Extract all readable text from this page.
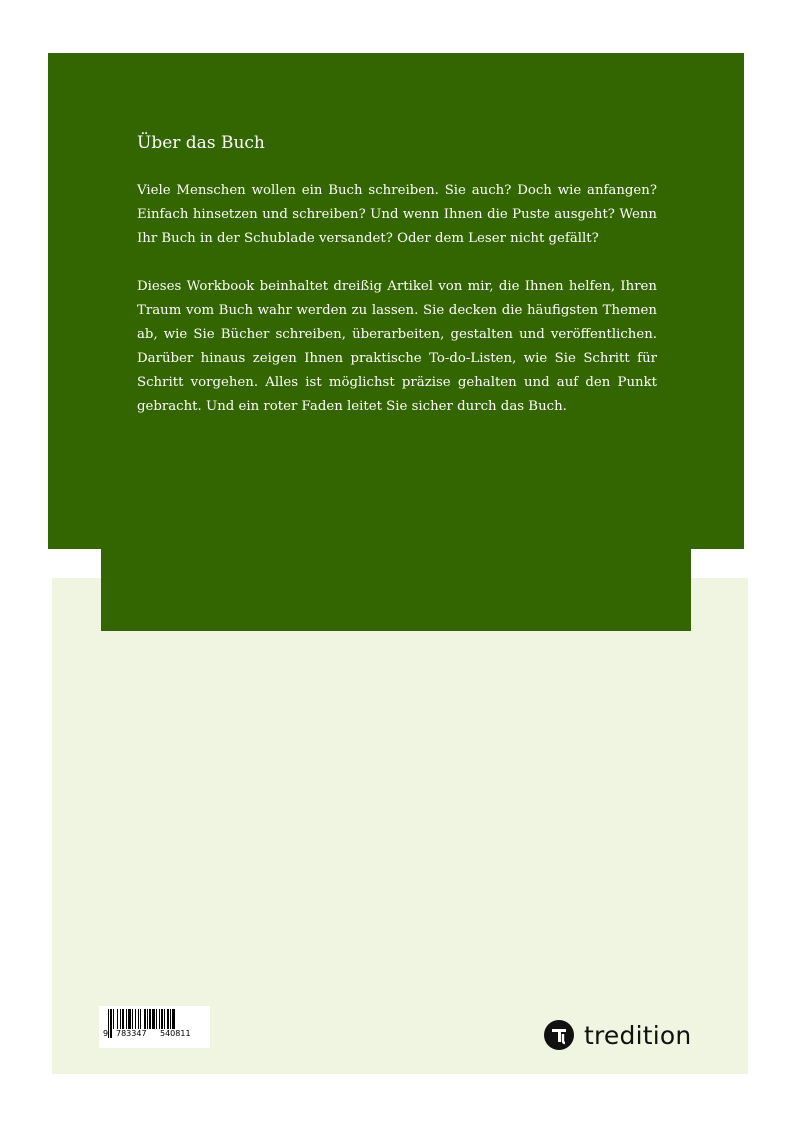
Über das Buch

Viele Menschen wollen ein Buch schreiben. Sie auch? Doch wie anfangen? Einfach hinsetzen und schreiben? Und wenn Ihnen die Puste ausgeht? Wenn Ihr Buch in der Schublade versandet? Oder dem Leser nicht gefällt?

Dieses Workbook beinhaltet dreißig Artikel von mir, die Ihnen helfen, Ihren Traum vom Buch wahr werden zu lassen. Sie decken die häufigsten Themen ab, wie Sie Bücher schreiben, überarbeiten, gestalten und veröffentlichen. Darüber hinaus zeigen Ihnen praktische To-do-Listen, wie Sie Schritt für Schritt vorgehen. Alles ist möglichst präzise gehalten und auf den Punkt gebracht. Und ein roter Faden leitet Sie sicher durch das Buch.

9 783347 540811	tredition
